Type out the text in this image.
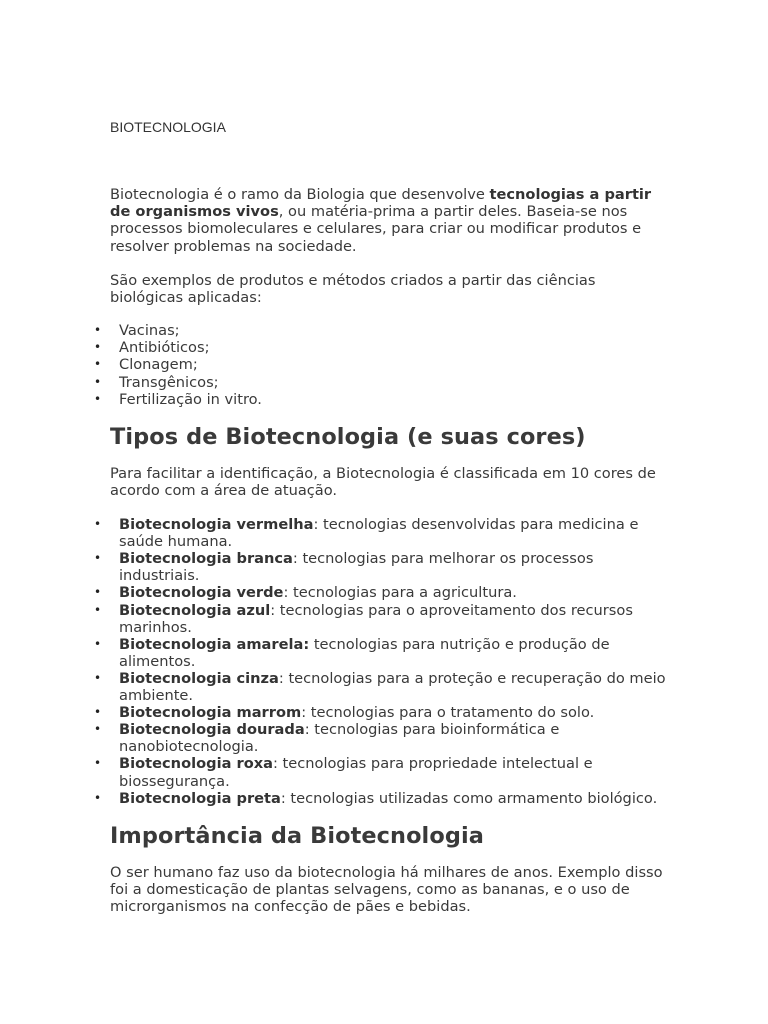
BIOTECNOLOGIA

Biotecnologia é o ramo da Biologia que desenvolve tecnologias a partir de organismos vivos, ou matéria-prima a partir deles. Baseia-se nos processos biomoleculares e celulares, para criar ou modificar produtos e resolver problemas na sociedade.

São exemplos de produtos e métodos criados a partir das ciências biológicas aplicadas:

• Vacinas;
• Antibióticos;
• Clonagem;
• Transgênicos;
• Fertilização in vitro.
Tipos de Biotecnologia (e suas cores)

Para facilitar a identificação, a Biotecnologia é classificada em 10 cores de acordo com a área de atuação.

• Biotecnologia vermelha: tecnologias desenvolvidas para medicina e saúde humana.
• Biotecnologia branca: tecnologias para melhorar os processos industriais.
• Biotecnologia verde: tecnologias para a agricultura.
• Biotecnologia azul: tecnologias para o aproveitamento dos recursos marinhos.
• Biotecnologia amarela: tecnologias para nutrição e produção de alimentos.
• Biotecnologia cinza: tecnologias para a proteção e recuperação do meio ambiente.
• Biotecnologia marrom: tecnologias para o tratamento do solo.
• Biotecnologia dourada: tecnologias para bioinformática e nanobiotecnologia.
• Biotecnologia roxa: tecnologias para propriedade intelectual e biossegurança.
• Biotecnologia preta: tecnologias utilizadas como armamento biológico.
Importância da Biotecnologia

O ser humano faz uso da biotecnologia há milhares de anos. Exemplo disso foi a domesticação de plantas selvagens, como as bananas, e o uso de microrganismos na confecção de pães e bebidas.
